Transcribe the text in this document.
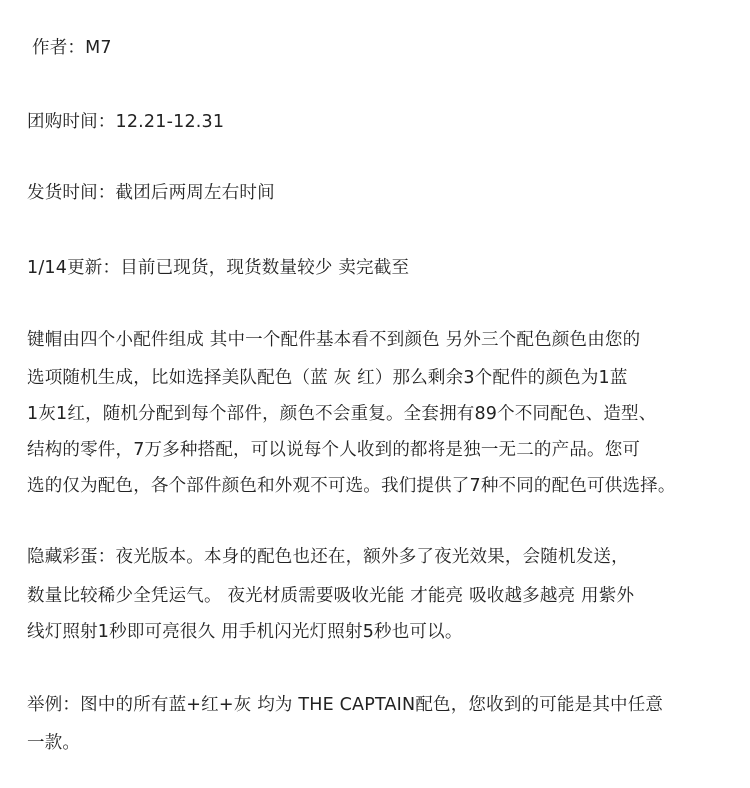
作者：M7
团购时间：12.21-12.31
发货时间：截团后两周左右时间
1/14更新：目前已现货，现货数量较少 卖完截至
键帽由四个小配件组成 其中一个配件基本看不到颜色 另外三个配色颜色由您的
选项随机生成，比如选择美队配色（蓝 灰 红）那么剩余3个配件的颜色为1蓝
1灰1红，随机分配到每个部件，颜色不会重复。全套拥有89个不同配色、造型、
结构的零件，7万多种搭配，可以说每个人收到的都将是独一无二的产品。您可
选的仅为配色，各个部件颜色和外观不可选。我们提供了7种不同的配色可供选择。
隐藏彩蛋：夜光版本。本身的配色也还在，额外多了夜光效果，会随机发送，
数量比较稀少全凭运气。 夜光材质需要吸收光能 才能亮 吸收越多越亮 用紫外
线灯照射1秒即可亮很久 用手机闪光灯照射5秒也可以。
举例：图中的所有蓝+红+灰 均为 THE CAPTAIN配色，您收到的可能是其中任意
一款。
